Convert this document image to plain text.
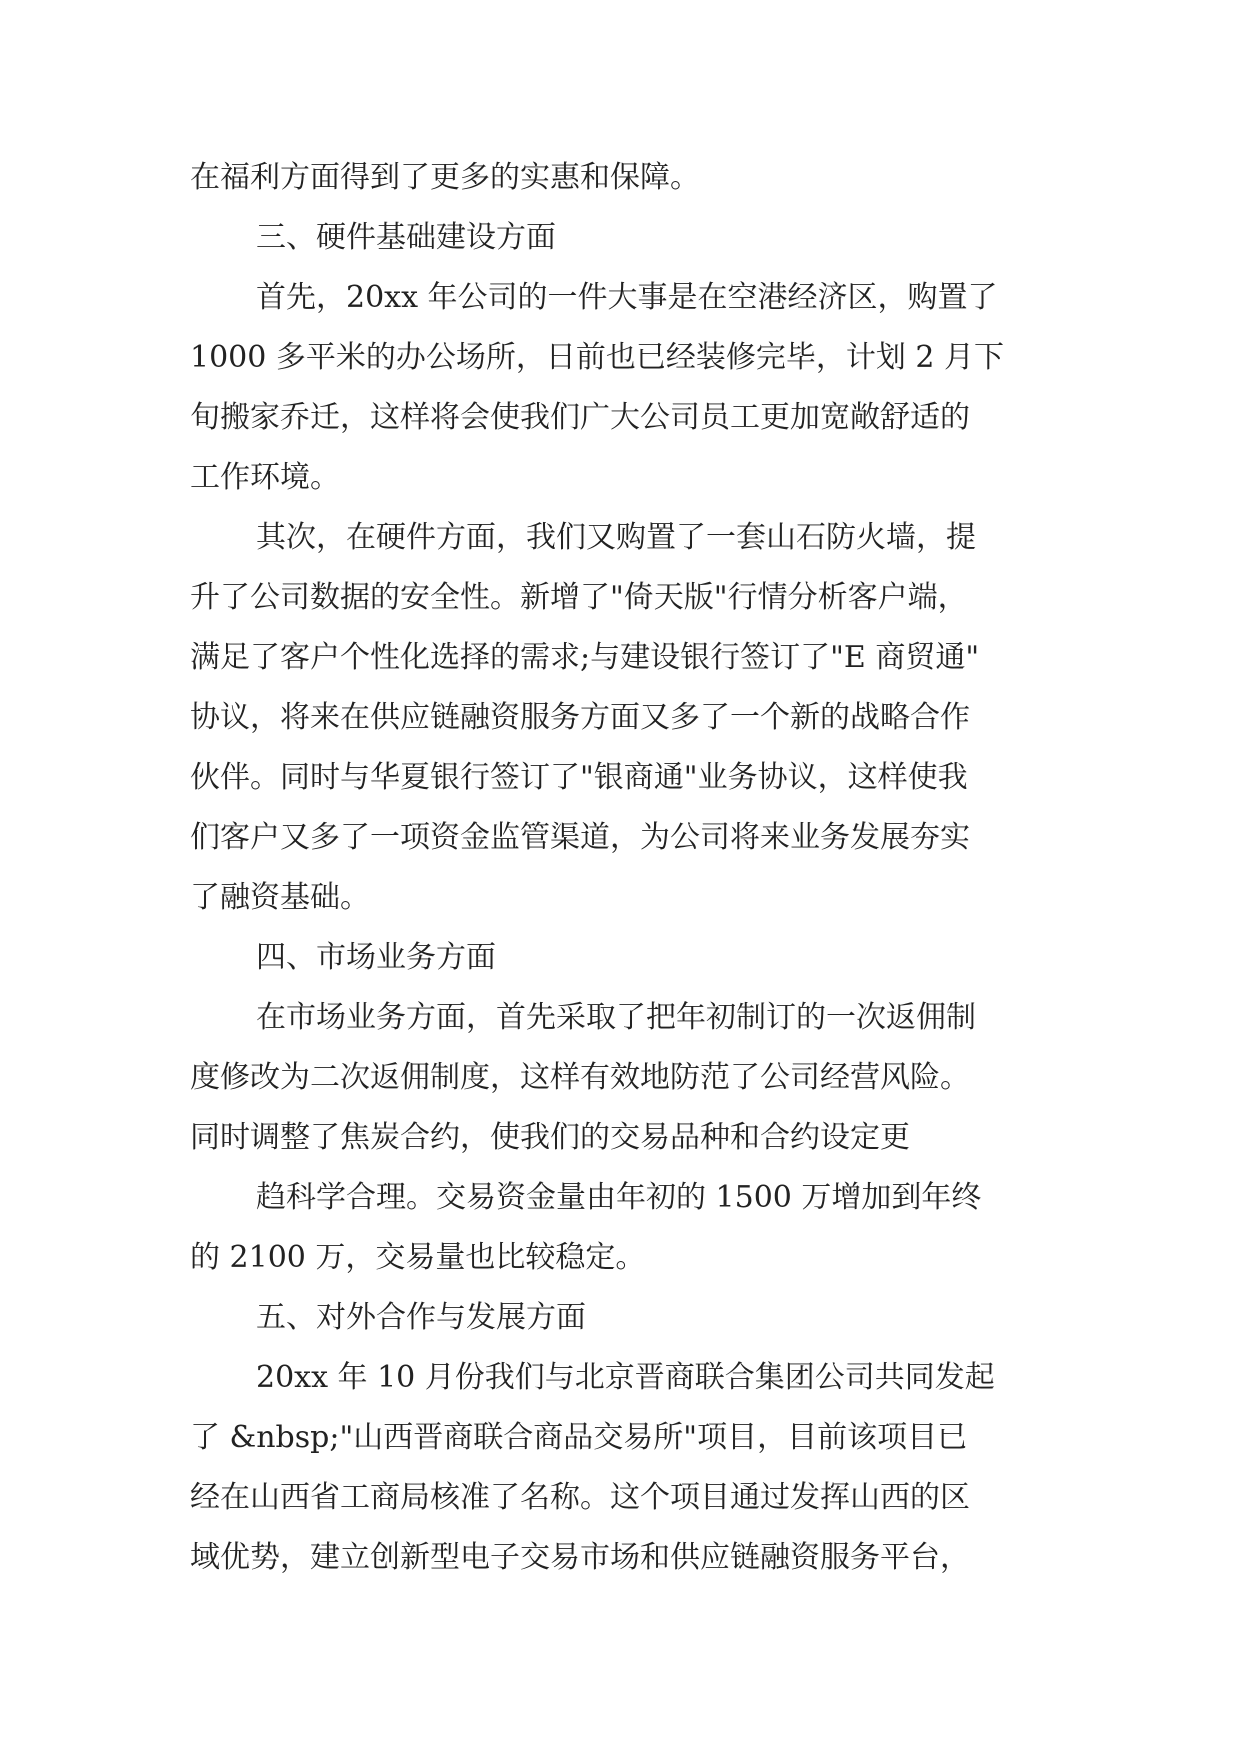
在福利方面得到了更多的实惠和保障。
三、硬件基础建设方面
首先，20xx 年公司的一件大事是在空港经济区，购置了
1000 多平米的办公场所，日前也已经装修完毕，计划 2 月下
旬搬家乔迁，这样将会使我们广大公司员工更加宽敞舒适的
工作环境。
其次，在硬件方面，我们又购置了一套山石防火墙，提
升了公司数据的安全性。新增了"倚天版"行情分析客户端，
满足了客户个性化选择的需求;与建设银行签订了"E 商贸通"
协议，将来在供应链融资服务方面又多了一个新的战略合作
伙伴。同时与华夏银行签订了"银商通"业务协议，这样使我
们客户又多了一项资金监管渠道，为公司将来业务发展夯实
了融资基础。
四、市场业务方面
在市场业务方面，首先采取了把年初制订的一次返佣制
度修改为二次返佣制度，这样有效地防范了公司经营风险。
同时调整了焦炭合约，使我们的交易品种和合约设定更
趋科学合理。交易资金量由年初的 1500 万增加到年终
的 2100 万，交易量也比较稳定。
五、对外合作与发展方面
20xx 年 10 月份我们与北京晋商联合集团公司共同发起
了 &nbsp;"山西晋商联合商品交易所"项目，目前该项目已
经在山西省工商局核准了名称。这个项目通过发挥山西的区
域优势，建立创新型电子交易市场和供应链融资服务平台，
